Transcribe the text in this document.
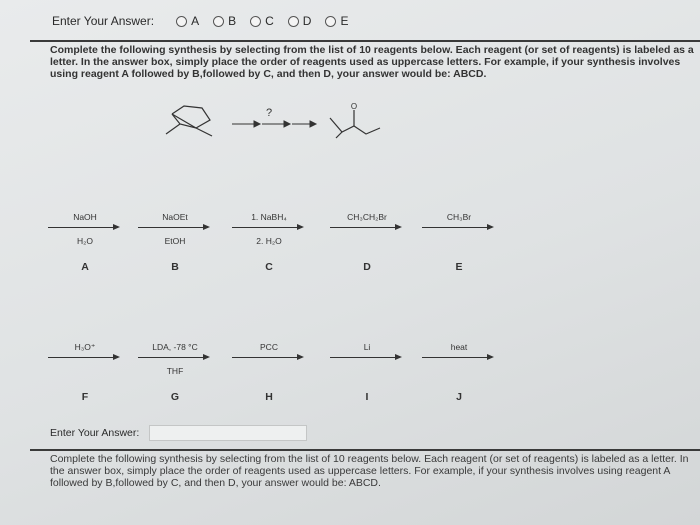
Enter Your Answer:	A B C D E
Complete the following synthesis by selecting from the list of 10 reagents below. Each reagent (or set of reagents) is labeled as a letter. In the answer box, simply place the order of reagents used as uppercase letters. For example, if your synthesis involves using reagent A followed by B,followed by C, and then D, your answer would be: ABCD.
?
O
NaOH
H₂O
A
NaOEt
EtOH
B
1. NaBH₄
2. H₂O
C
CH₃CH₂Br
D
CH₃Br
E
H₃O⁺
F
LDA, -78 °C
THF
G
PCC
H
Li
I
heat
J
Enter Your Answer:
Complete the following synthesis by selecting from the list of 10 reagents below. Each reagent (or set of reagents) is labeled as a letter. In the answer box, simply place the order of reagents used as uppercase letters. For example, if your synthesis involves using reagent A followed by B,followed by C, and then D, your answer would be: ABCD.
